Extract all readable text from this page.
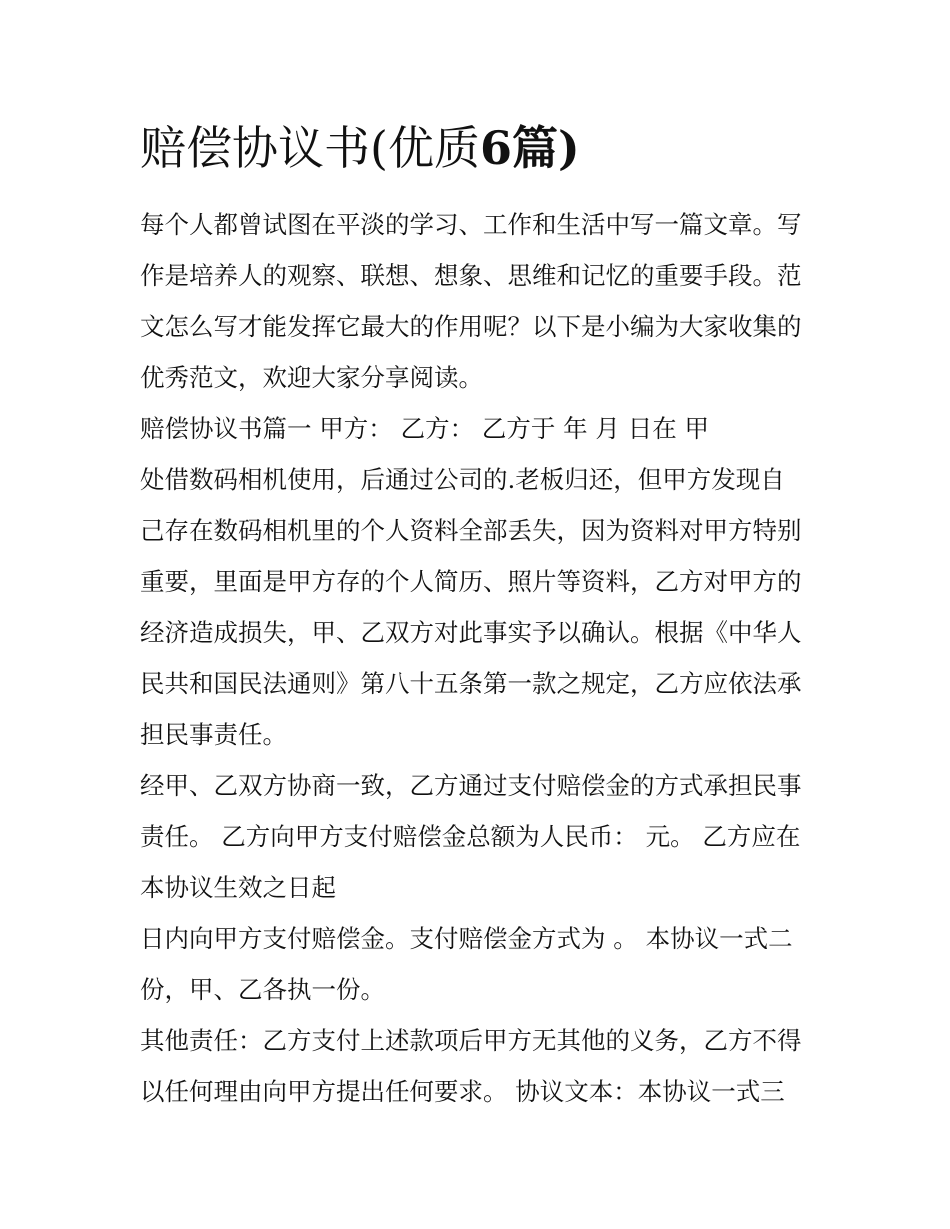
赔偿协议书(优质6篇)
每个人都曾试图在平淡的学习、工作和生活中写一篇文章。写
作是培养人的观察、联想、想象、思维和记忆的重要手段。范
文怎么写才能发挥它最大的作用呢？以下是小编为大家收集的
优秀范文，欢迎大家分享阅读。
赔偿协议书篇一 甲方： 乙方： 乙方于 年 月 日在 甲
处借数码相机使用，后通过公司的.老板归还，但甲方发现自
己存在数码相机里的个人资料全部丢失，因为资料对甲方特别
重要，里面是甲方存的个人简历、照片等资料，乙方对甲方的
经济造成损失，甲、乙双方对此事实予以确认。根据《中华人
民共和国民法通则》第八十五条第一款之规定，乙方应依法承
担民事责任。
经甲、乙双方协商一致，乙方通过支付赔偿金的方式承担民事
责任。 乙方向甲方支付赔偿金总额为人民币： 元。 乙方应在
本协议生效之日起
日内向甲方支付赔偿金。支付赔偿金方式为 。 本协议一式二
份，甲、乙各执一份。
其他责任：乙方支付上述款项后甲方无其他的义务，乙方不得
以任何理由向甲方提出任何要求。 协议文本：本协议一式三
